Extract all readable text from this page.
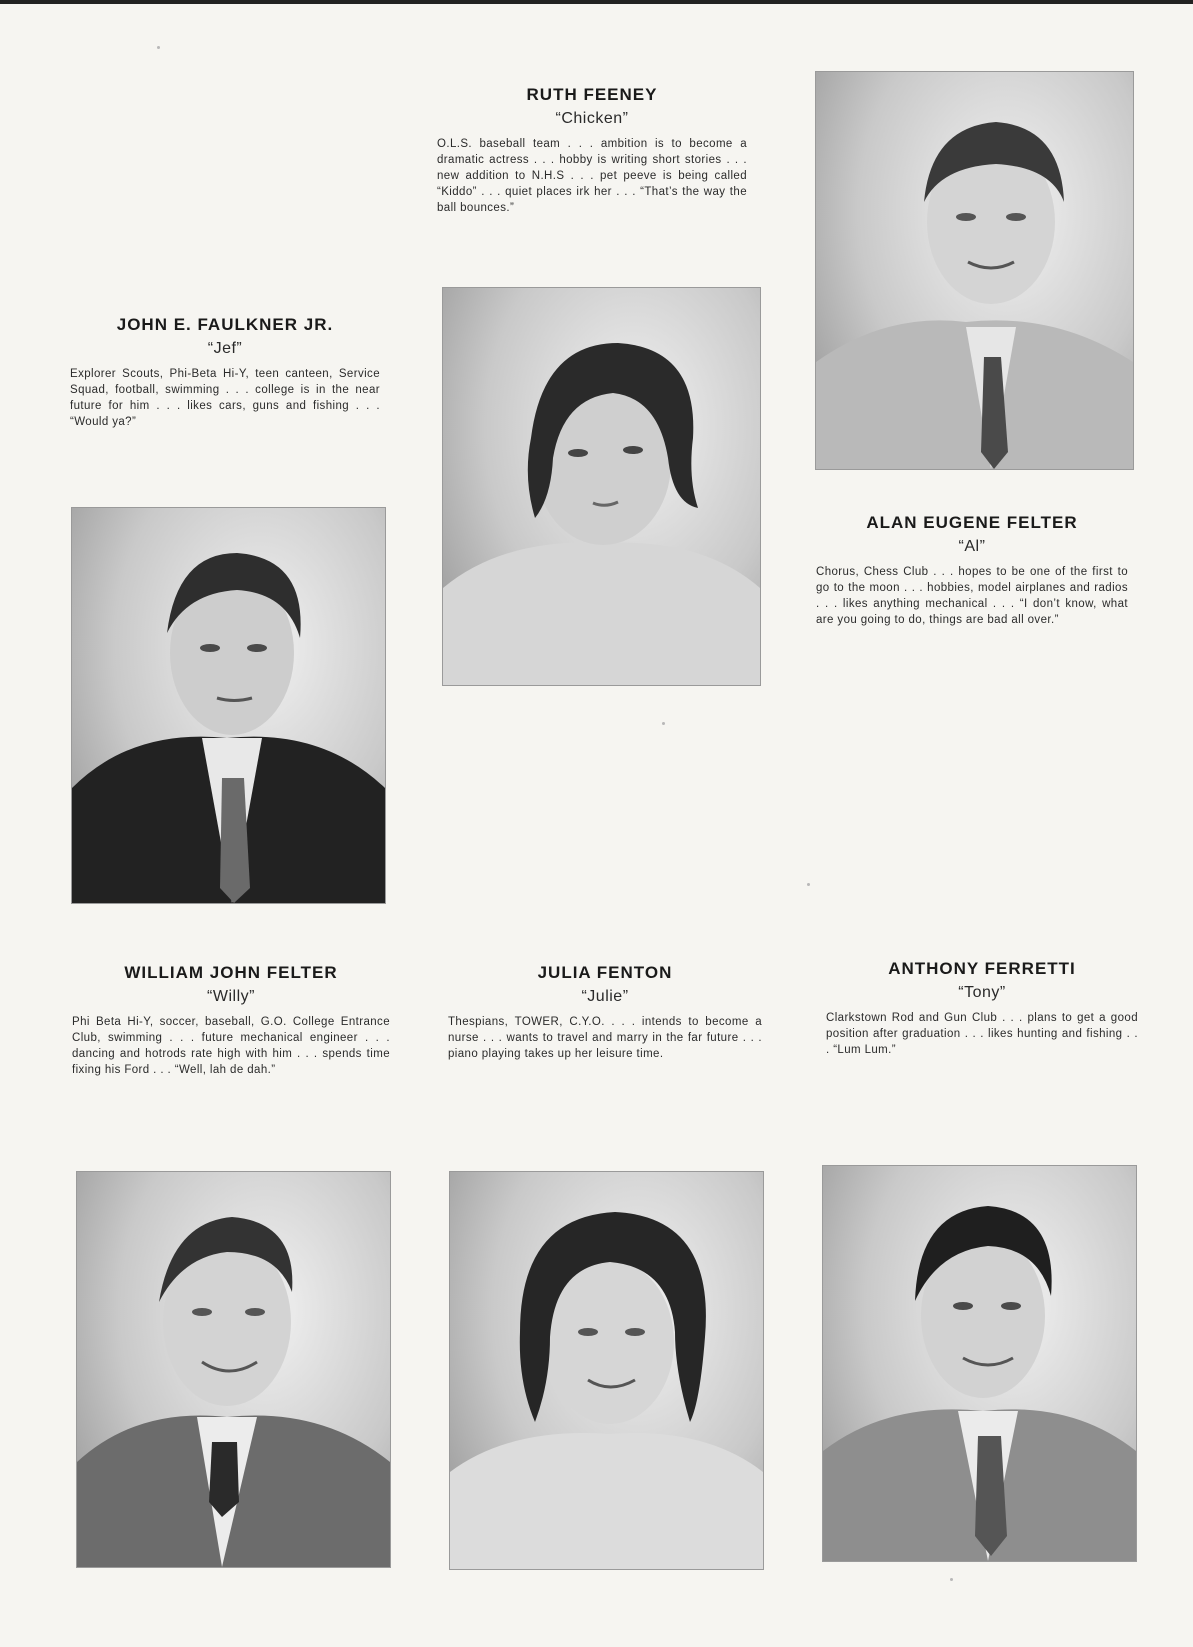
RUTH FEENEY

“Chicken”

O.L.S. baseball team . . . ambition is to become a dramatic actress . . . hobby is writing short stories . . . new addition to N.H.S . . . pet peeve is being called “Kiddo” . . . quiet places irk her . . . “That’s the way the ball bounces.”

JOHN E. FAULKNER JR.

“Jef”

Explorer Scouts, Phi-Beta Hi-Y, teen canteen, Service Squad, football, swimming . . . college is in the near future for him . . . likes cars, guns and fishing . . . “Would ya?”

ALAN EUGENE FELTER

“Al”

Chorus, Chess Club . . . hopes to be one of the first to go to the moon . . . hobbies, model airplanes and radios . . . likes anything mechanical . . . “I don’t know, what are you going to do, things are bad all over.”

WILLIAM JOHN FELTER

“Willy”

Phi Beta Hi-Y, soccer, baseball, G.O. College Entrance Club, swimming . . . future mechanical engineer . . . dancing and hotrods rate high with him . . . spends time fixing his Ford . . . “Well, lah de dah.”

JULIA FENTON

“Julie”

Thespians, TOWER, C.Y.O. . . . intends to become a nurse . . . wants to travel and marry in the far future . . . piano playing takes up her leisure time.

ANTHONY FERRETTI

“Tony”

Clarkstown Rod and Gun Club . . . plans to get a good position after graduation . . . likes hunting and fishing . . . “Lum Lum.”
